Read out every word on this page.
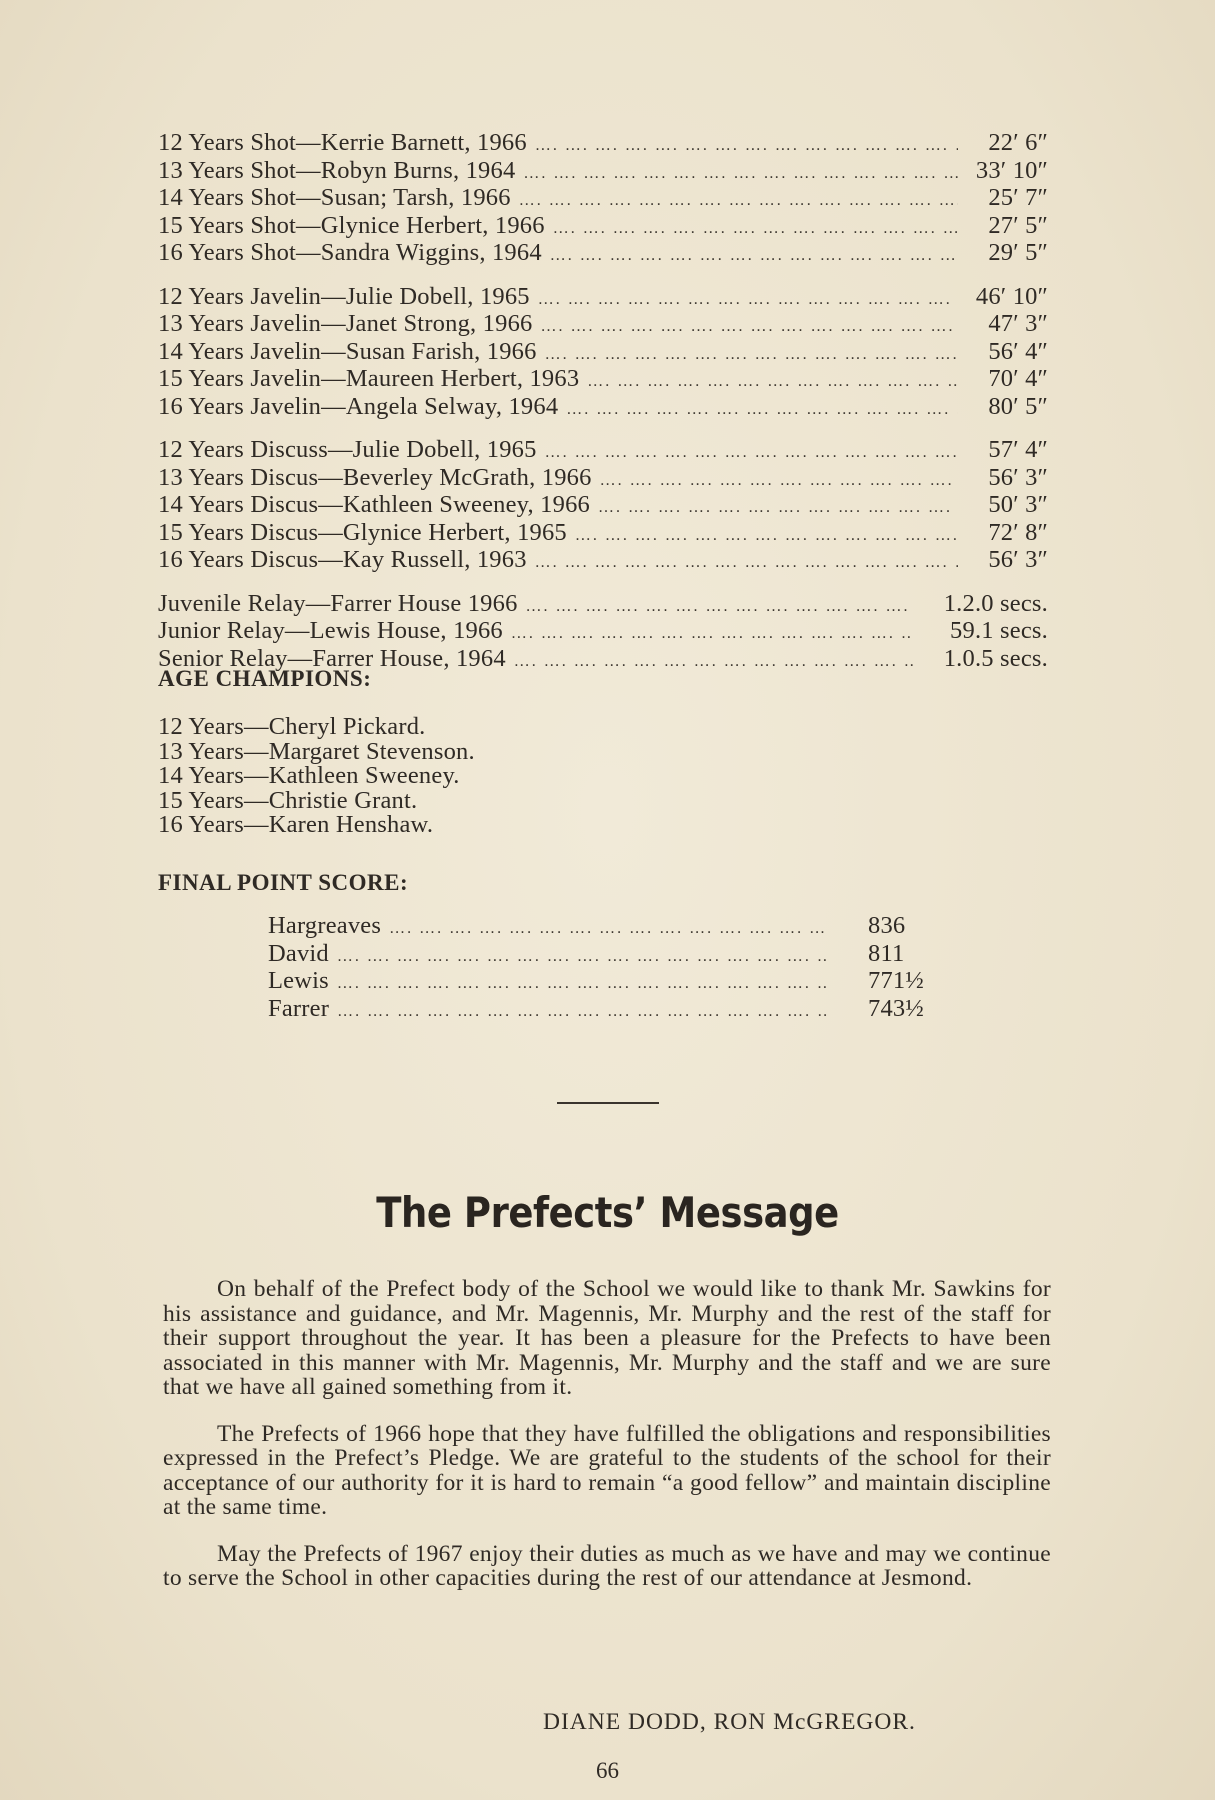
12 Years Shot—Kerrie Barnett, 1966 …. …. …. …. …. …. …. …. …. …. …. …. …. …. …. …. …. …. …. …. …. …. …. …. …. …. …. ….	22′ 6″
13 Years Shot—Robyn Burns, 1964 …. …. …. …. …. …. …. …. …. …. …. …. …. …. …. …. …. …. …. …. …. …. …. …. …. …. …. ….	33′ 10″
14 Years Shot—Susan; Tarsh, 1966 …. …. …. …. …. …. …. …. …. …. …. …. …. …. …. …. …. …. …. …. …. …. …. …. …. …. …. ….	25′ 7″
15 Years Shot—Glynice Herbert, 1966 …. …. …. …. …. …. …. …. …. …. …. …. …. …. …. …. …. …. …. …. …. …. …. …. …. …. …. ….	27′ 5″
16 Years Shot—Sandra Wiggins, 1964 …. …. …. …. …. …. …. …. …. …. …. …. …. …. …. …. …. …. …. …. …. …. …. …. …. …. …. ….	29′ 5″
12 Years Javelin—Julie Dobell, 1965 …. …. …. …. …. …. …. …. …. …. …. …. …. …. …. …. …. …. …. …. …. …. …. …. …. …. …. ….	46′ 10″
13 Years Javelin—Janet Strong, 1966 …. …. …. …. …. …. …. …. …. …. …. …. …. …. …. …. …. …. …. …. …. …. …. …. …. …. …. ….	47′ 3″
14 Years Javelin—Susan Farish, 1966 …. …. …. …. …. …. …. …. …. …. …. …. …. …. …. …. …. …. …. …. …. …. …. …. …. …. …. ….	56′ 4″
15 Years Javelin—Maureen Herbert, 1963 …. …. …. …. …. …. …. …. …. …. …. …. …. …. …. …. …. …. …. …. …. …. …. …. …. …. …. ….	70′ 4″
16 Years Javelin—Angela Selway, 1964 …. …. …. …. …. …. …. …. …. …. …. …. …. …. …. …. …. …. …. …. …. …. …. …. …. …. …. ….	80′ 5″
12 Years Discuss—Julie Dobell, 1965 …. …. …. …. …. …. …. …. …. …. …. …. …. …. …. …. …. …. …. …. …. …. …. …. …. …. …. ….	57′ 4″
13 Years Discus—Beverley McGrath, 1966 …. …. …. …. …. …. …. …. …. …. …. …. …. …. …. …. …. …. …. …. …. …. …. …. …. …. …. ….	56′ 3″
14 Years Discus—Kathleen Sweeney, 1966 …. …. …. …. …. …. …. …. …. …. …. …. …. …. …. …. …. …. …. …. …. …. …. …. …. …. …. ….	50′ 3″
15 Years Discus—Glynice Herbert, 1965 …. …. …. …. …. …. …. …. …. …. …. …. …. …. …. …. …. …. …. …. …. …. …. …. …. …. …. ….	72′ 8″
16 Years Discus—Kay Russell, 1963 …. …. …. …. …. …. …. …. …. …. …. …. …. …. …. …. …. …. …. …. …. …. …. …. …. …. …. ….	56′ 3″
Juvenile Relay—Farrer House 1966 …. …. …. …. …. …. …. …. …. …. …. …. …. …. …. …. …. …. …. …. …. …. …. …. …. …. …. ….	1.2.0 secs.
Junior Relay—Lewis House, 1966 …. …. …. …. …. …. …. …. …. …. …. …. …. …. …. …. …. …. …. …. …. …. …. …. …. …. …. ….	59.1 secs.
Senior Relay—Farrer House, 1964 …. …. …. …. …. …. …. …. …. …. …. …. …. …. …. …. …. …. …. …. …. …. …. …. …. …. …. ….	1.0.5 secs.
AGE CHAMPIONS:
12 Years—Cheryl Pickard.
13 Years—Margaret Stevenson.
14 Years—Kathleen Sweeney.
15 Years—Christie Grant.
16 Years—Karen Henshaw.
FINAL POINT SCORE:
Hargreaves …. …. …. …. …. …. …. …. …. …. …. …. …. …. …. …. …. …. …. …. …. …. …. …. …. …. …. ….	836
David …. …. …. …. …. …. …. …. …. …. …. …. …. …. …. …. …. …. …. …. …. …. …. …. …. …. …. ….	811
Lewis …. …. …. …. …. …. …. …. …. …. …. …. …. …. …. …. …. …. …. …. …. …. …. …. …. …. …. ….	771½
Farrer …. …. …. …. …. …. …. …. …. …. …. …. …. …. …. …. …. …. …. …. …. …. …. …. …. …. …. ….	743½
The Prefects’ Message

On behalf of the Prefect body of the School we would like to thank Mr. Sawkins for his assistance and guidance, and Mr. Magennis, Mr. Murphy and the rest of the staff for their support throughout the year. It has been a pleasure for the Prefects to have been associated in this manner with Mr. Magennis, Mr. Murphy and the staff and we are sure that we have all gained something from it.

The Prefects of 1966 hope that they have fulfilled the obligations and responsibilities expressed in the Prefect’s Pledge. We are grateful to the students of the school for their acceptance of our authority for it is hard to remain “a good fellow” and maintain discipline at the same time.

May the Prefects of 1967 enjoy their duties as much as we have and may we continue to serve the School in other capacities during the rest of our attendance at Jesmond.

DIANE DODD, RON McGREGOR.
66
